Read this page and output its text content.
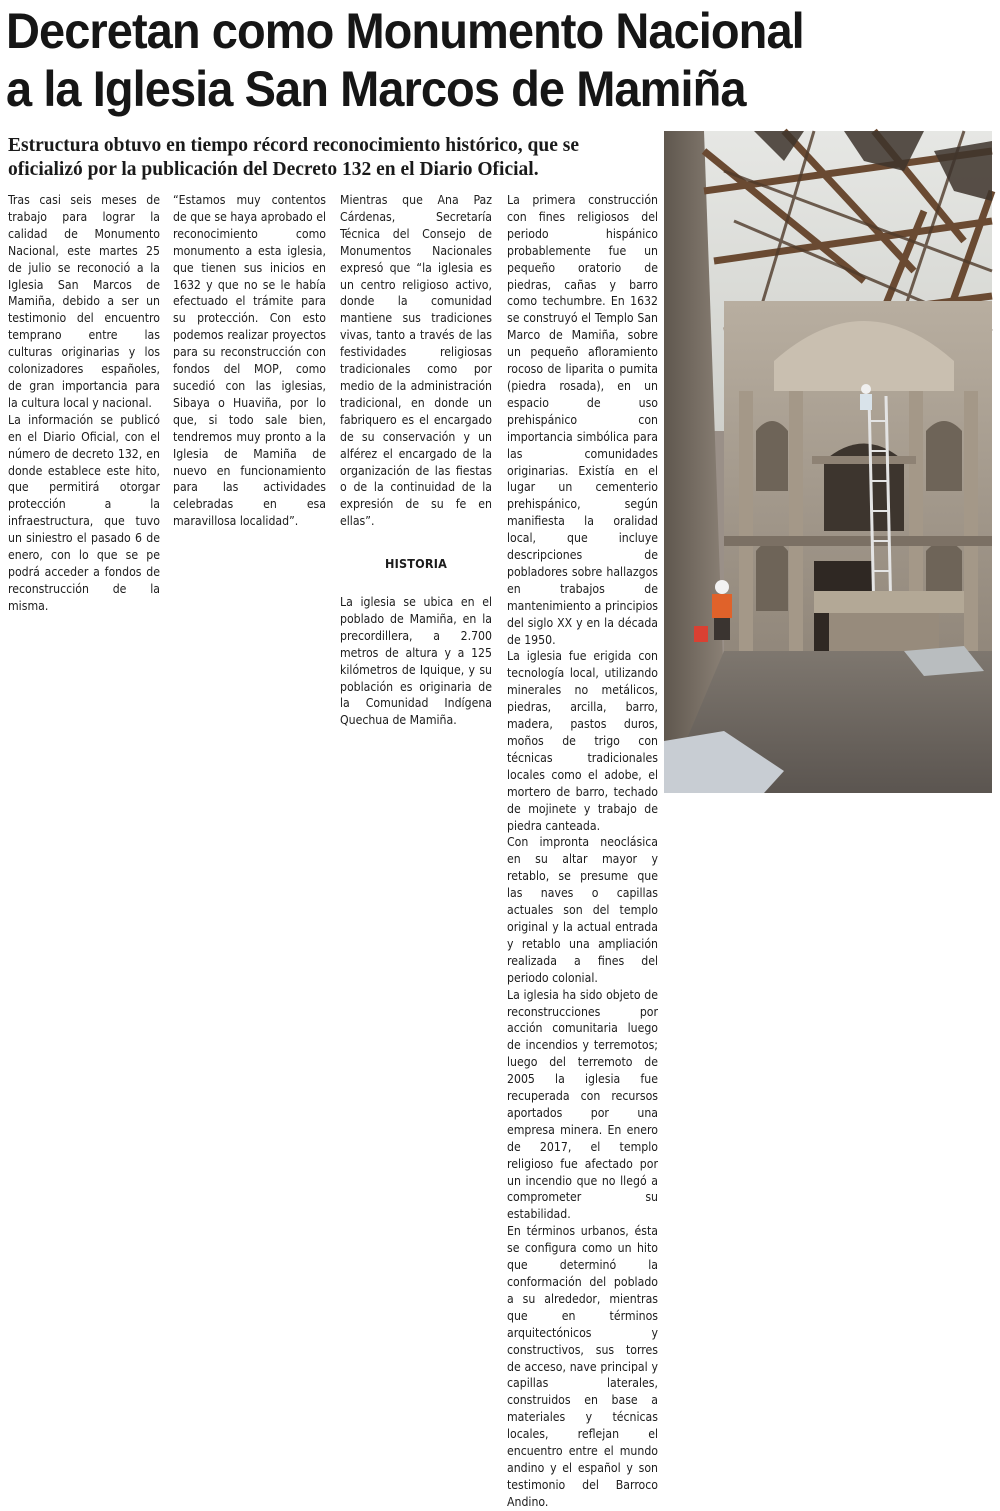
Decretan como Monumento Nacional
a la Iglesia San Marcos de Mamiña
Estructura obtuvo en tiempo récord reconocimiento histórico, que se oficializó por la publicación del Decreto 132 en el Diario Oficial.

Tras casi seis meses de trabajo para lograr la calidad de Monumento Nacional, este martes 25 de julio se reconoció a la Iglesia San Marcos de Mamiña, debido a ser un testimonio del encuentro temprano entre las culturas originarias y los colonizadores españoles, de gran importancia para la cultura local y nacional.

La información se publicó en el Diario Oficial, con el número de decreto 132, en donde establece este hito, que permitirá otorgar protección a la infraestructura, que tuvo un siniestro el pasado 6 de enero, con lo que se pe podrá acceder a fondos de reconstrucción de la misma.

“Estamos muy contentos de que se haya aprobado el reconocimiento como monumento a esta iglesia, que tienen sus inicios en 1632 y que no se le había efectuado el trámite para su protección. Con esto podemos realizar proyectos para su reconstrucción con fondos del MOP, como sucedió con las iglesias, Sibaya o Huaviña, por lo que, si todo sale bien, tendremos muy pronto a la Iglesia de Mamiña de nuevo en funcionamiento para las actividades celebradas en esa maravillosa localidad”.

Mientras que Ana Paz Cárdenas, Secretaría Técnica del Consejo de Monumentos Nacionales expresó que “la iglesia es un centro religioso activo, donde la comunidad mantiene sus tradiciones vivas, tanto a través de las festividades religiosas tradicionales como por medio de la administración tradicional, en donde un fabriquero es el encargado de su conservación y un alférez el encargado de la organización de las fiestas o de la continuidad de la expresión de su fe en ellas”.

HISTORIA

La iglesia se ubica en el poblado de Mamiña, en la precordillera, a 2.700 metros de altura y a 125 kilómetros de Iquique, y su población es originaria de la Comunidad Indígena Quechua de Mamiña.

La primera construcción con fines religiosos del periodo hispánico probablemente fue un pequeño oratorio de piedras, cañas y barro como techumbre. En 1632 se construyó el Templo San Marco de Mamiña, sobre un pequeño afloramiento rocoso de liparita o pumita (piedra rosada), en un espacio de uso prehispánico con importancia simbólica para las comunidades originarias. Existía en el lugar un cementerio prehispánico, según manifiesta la oralidad local, que incluye descripciones de pobladores sobre hallazgos en trabajos de mantenimiento a principios del siglo XX y en la década de 1950.

La iglesia fue erigida con tecnología local, utilizando minerales no metálicos, piedras, arcilla, barro, madera, pastos duros, moños de trigo con técnicas tradicionales locales como el adobe, el mortero de barro, techado de mojinete y trabajo de piedra canteada.

Con impronta neoclásica en su altar mayor y retablo, se presume que las naves o capillas actuales son del templo original y la actual entrada y retablo una ampliación realizada a fines del periodo colonial.

La iglesia ha sido objeto de reconstrucciones por acción comunitaria luego de incendios y terremotos; luego del terremoto de 2005 la iglesia fue recuperada con recursos aportados por una empresa minera. En enero de 2017, el templo religioso fue afectado por un incendio que no llegó a comprometer su estabilidad.

En términos urbanos, ésta se configura como un hito que determinó la conformación del poblado a su alrededor, mientras que en términos arquitectónicos y constructivos, sus torres de acceso, nave principal y capillas laterales, construidos en base a materiales y técnicas locales, reflejan el encuentro entre el mundo andino y el español y son testimonio del Barroco Andino.
